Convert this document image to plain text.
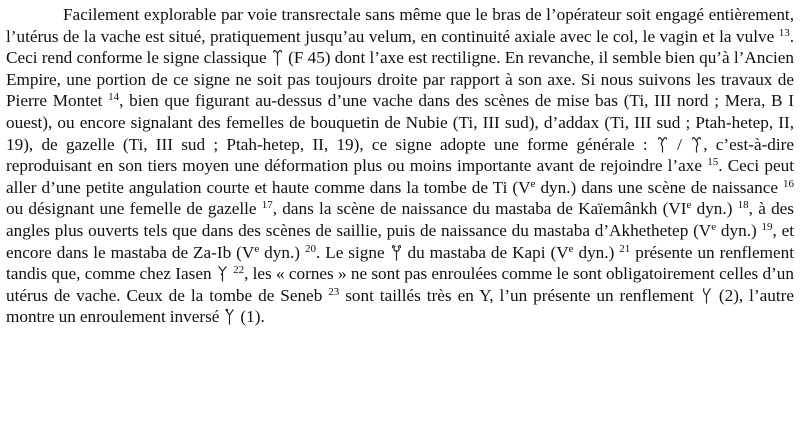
Facilement explorable par voie transrectale sans même que le bras de l’opérateur soit engagé entièrement, l’utérus de la vache est situé, pratiquement jusqu’au velum, en continuité axiale avec le col, le vagin et la vulve $^{13}$. Ceci rend conforme le signe classique (F 45) dont l’axe est rectiligne. En revanche, il semble bien qu’à l’Ancien Empire, une portion de ce signe ne soit pas toujours droite par rapport à son axe. Si nous suivons les travaux de Pierre Montet $^{14}$, bien que figurant au-dessus d’une vache dans des scènes de mise bas (Ti, III nord ; Mera, B I ouest), ou encore signalant des femelles de bouquetin de Nubie (Ti, III sud), d’addax (Ti, III sud ; Ptah-hetep, II, 19), de gazelle (Ti, III sud ; Ptah-hetep, II, 19), ce signe adopte une forme générale : / , c’est-à-dire reproduisant en son tiers moyen une déformation plus ou moins importante avant de rejoindre l’axe $^{15}$. Ceci peut aller d’une petite angulation courte et haute comme dans la tombe de Ti (Ve dyn.) dans une scène de naissance $^{16}$ ou désignant une femelle de gazelle $^{17}$, dans la scène de naissance du mastaba de Kaïemânkh (VIe dyn.) $^{18}$, à des angles plus ouverts tels que dans des scènes de saillie, puis de naissance du mastaba d’Akhethetep (Ve dyn.) $^{19}$, et encore dans le mastaba de Za-Ib (Ve dyn.) $^{20}$. Le signe du mastaba de Kapi (Ve dyn.) $^{21}$ présente un renflement tandis que, comme chez Iasen $^{22}$, les « cornes » ne sont pas enroulées comme le sont obligatoirement celles d’un utérus de vache. Ceux de la tombe de Seneb $^{23}$ sont taillés très en Y, l’un présente un renflement (2), l’autre montre un enroulement inversé (1).
